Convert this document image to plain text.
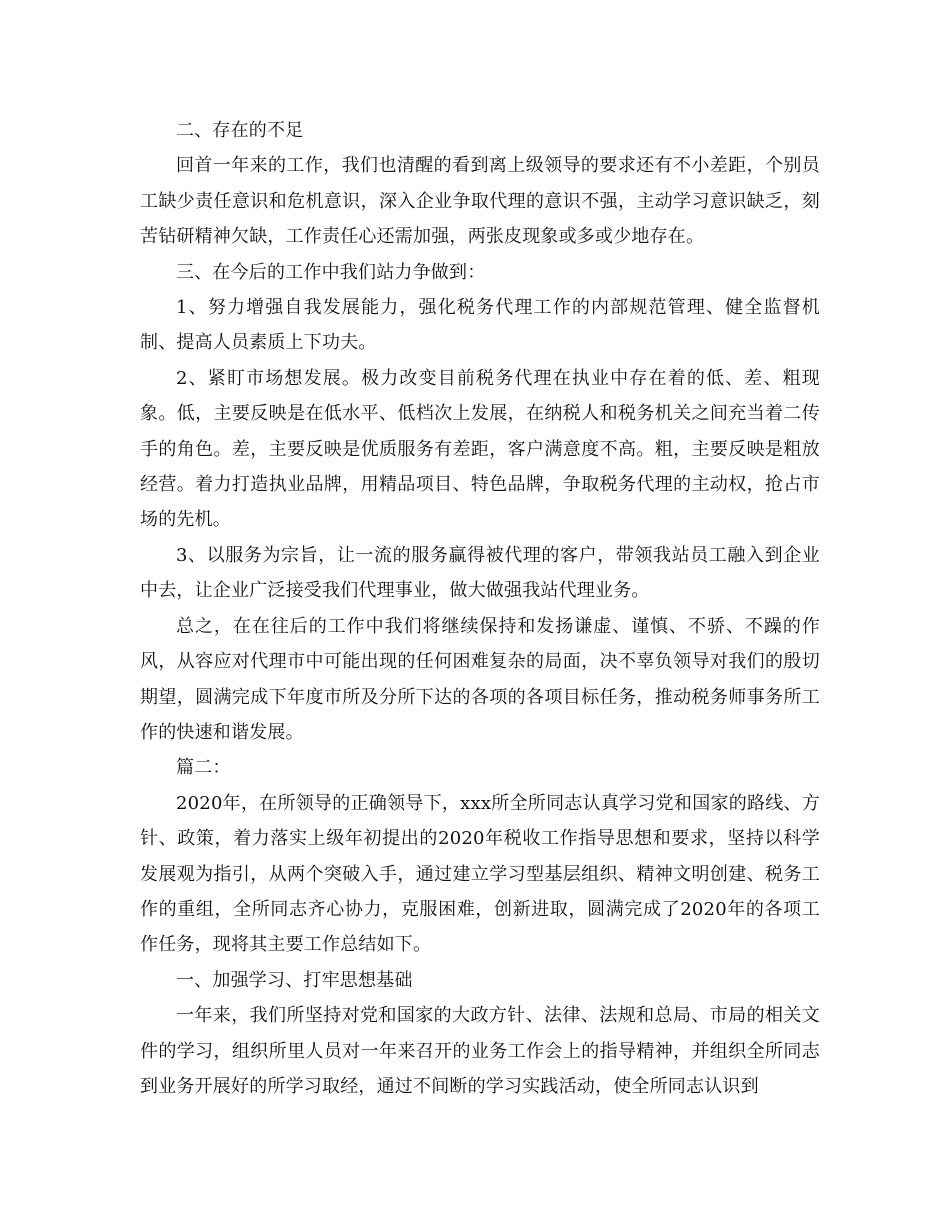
二、存在的不足

回首一年来的工作，我们也清醒的看到离上级领导的要求还有不小差距，个别员工缺少责任意识和危机意识，深入企业争取代理的意识不强，主动学习意识缺乏，刻苦钻研精神欠缺，工作责任心还需加强，两张皮现象或多或少地存在。

三、在今后的工作中我们站力争做到：

1、努力增强自我发展能力，强化税务代理工作的内部规范管理、健全监督机制、提高人员素质上下功夫。

2、紧盯市场想发展。极力改变目前税务代理在执业中存在着的低、差、粗现象。低，主要反映是在低水平、低档次上发展，在纳税人和税务机关之间充当着二传手的角色。差，主要反映是优质服务有差距，客户满意度不高。粗，主要反映是粗放经营。着力打造执业品牌，用精品项目、特色品牌，争取税务代理的主动权，抢占市场的先机。

3、以服务为宗旨，让一流的服务赢得被代理的客户，带领我站员工融入到企业中去，让企业广泛接受我们代理事业，做大做强我站代理业务。

总之，在在往后的工作中我们将继续保持和发扬谦虚、谨慎、不骄、不躁的作风，从容应对代理市中可能出现的任何困难复杂的局面，决不辜负领导对我们的殷切期望，圆满完成下年度市所及分所下达的各项的各项目标任务，推动税务师事务所工作的快速和谐发展。

篇二：

2020年，在所领导的正确领导下，xxx所全所同志认真学习党和国家的路线、方针、政策，着力落实上级年初提出的2020年税收工作指导思想和要求，坚持以科学发展观为指引，从两个突破入手，通过建立学习型基层组织、精神文明创建、税务工作的重组，全所同志齐心协力，克服困难，创新进取，圆满完成了2020年的各项工作任务，现将其主要工作总结如下。

一、加强学习、打牢思想基础

一年来，我们所坚持对党和国家的大政方针、法律、法规和总局、市局的相关文件的学习，组织所里人员对一年来召开的业务工作会上的指导精神，并组织全所同志到业务开展好的所学习取经，通过不间断的学习实践活动，使全所同志认识到
